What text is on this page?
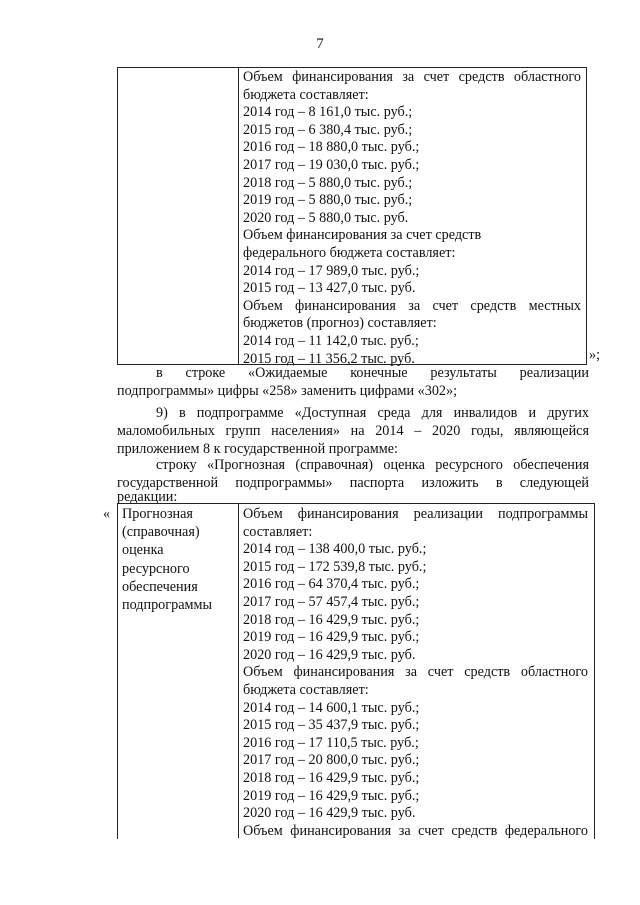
7
Объем финансирования за счет средств областного
бюджета составляет:
2014 год – 8 161,0 тыс. руб.;
2015 год – 6 380,4 тыс. руб.;
2016 год – 18 880,0 тыс. руб.;
2017 год – 19 030,0 тыс. руб.;
2018 год – 5 880,0 тыс. руб.;
2019 год – 5 880,0 тыс. руб.;
2020 год – 5 880,0 тыс. руб.
Объем финансирования за счет средств
федерального бюджета составляет:
2014 год – 17 989,0 тыс. руб.;
2015 год – 13 427,0 тыс. руб.
Объем финансирования за счет средств местных
бюджетов (прогноз) составляет:
2014 год – 11 142,0 тыс. руб.;
2015 год – 11 356,2 тыс. руб.	»;
в строке «Ожидаемые конечные результаты реализации
подпрограммы» цифры «258» заменить цифрами «302»;
9) в подпрограмме «Доступная среда для инвалидов и других
маломобильных групп населения» на 2014 – 2020 годы, являющейся
приложением 8 к государственной программе:
строку «Прогнозная (справочная) оценка ресурсного обеспечения
государственной подпрограммы» паспорта изложить в следующей
редакции:
« Прогнозная
(справочная)
оценка
ресурсного
обеспечения
подпрограммы
Объем финансирования реализации подпрограммы
составляет:
2014 год – 138 400,0 тыс. руб.;
2015 год – 172 539,8 тыс. руб.;
2016 год – 64 370,4 тыс. руб.;
2017 год – 57 457,4 тыс. руб.;
2018 год – 16 429,9 тыс. руб.;
2019 год – 16 429,9 тыс. руб.;
2020 год – 16 429,9 тыс. руб.
Объем финансирования за счет средств областного
бюджета составляет:
2014 год – 14 600,1 тыс. руб.;
2015 год – 35 437,9 тыс. руб.;
2016 год – 17 110,5 тыс. руб.;
2017 год – 20 800,0 тыс. руб.;
2018 год – 16 429,9 тыс. руб.;
2019 год – 16 429,9 тыс. руб.;
2020 год – 16 429,9 тыс. руб.
Объем финансирования за счет средств федерального
